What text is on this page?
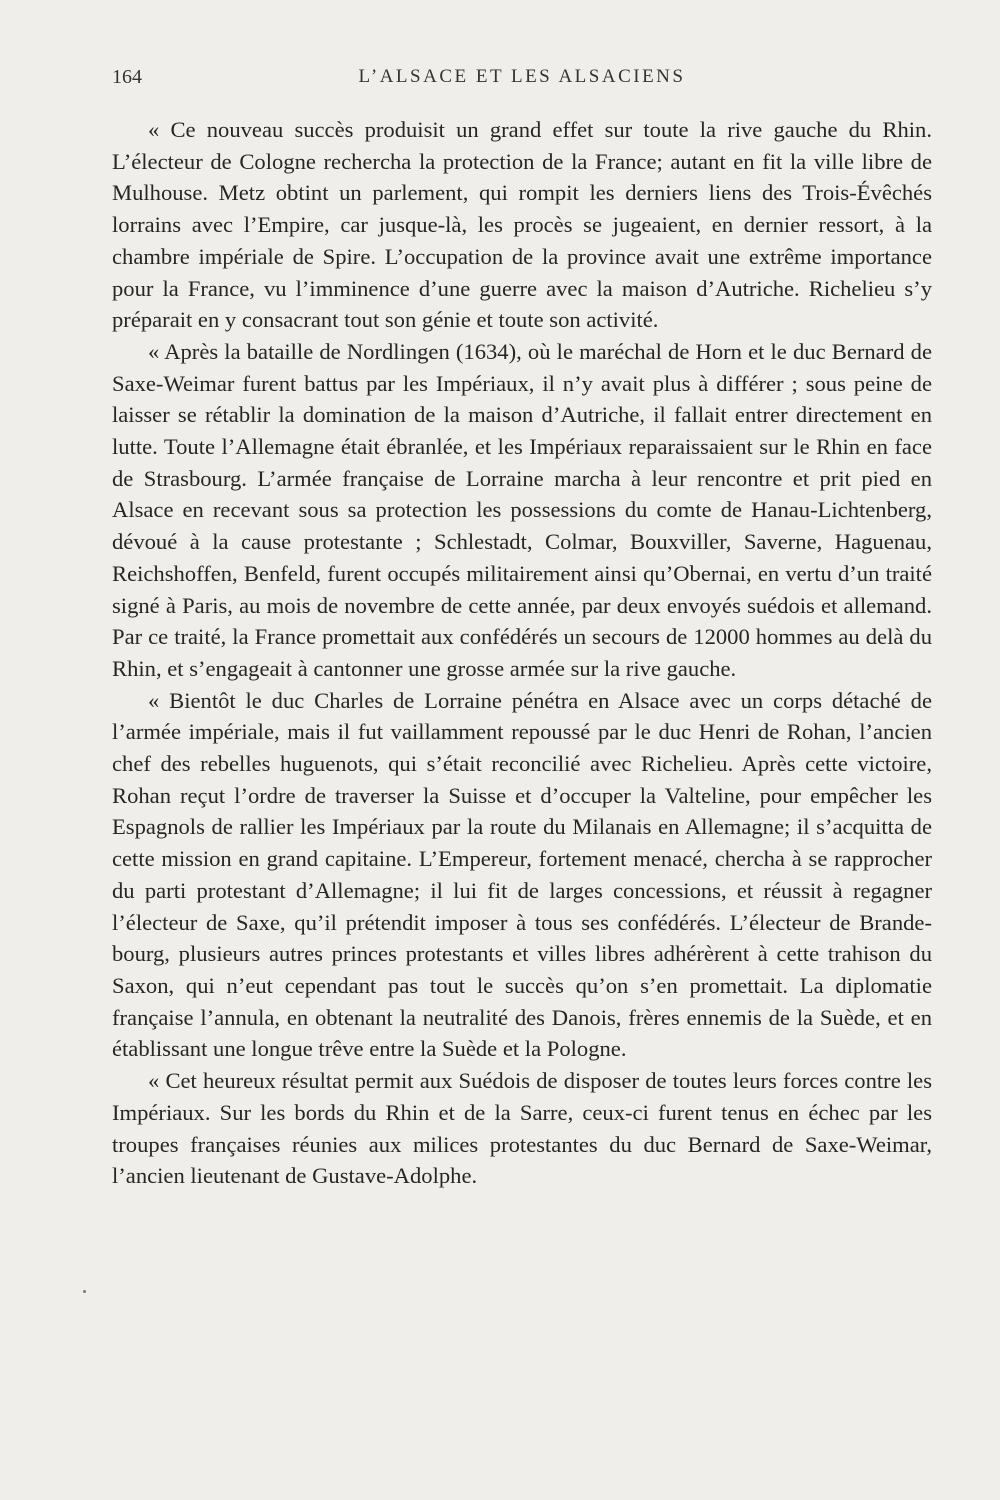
164	L’ALSACE ET LES ALSACIENS

« Ce nouveau succès produisit un grand effet sur toute la rive gauche du Rhin. L’électeur de Cologne rechercha la protection de la France; autant en fit la ville libre de Mulhouse. Metz obtint un parlement, qui rompit les derniers liens des Trois-Évêchés lorrains avec l’Empire, car jusque-là, les procès se jugeaient, en dernier ressort, à la chambre impériale de Spire. L’occupation de la province avait une extrême importance pour la France, vu l’imminence d’une guerre avec la maison d’Autriche. Richelieu s’y préparait en y consacrant tout son génie et toute son activité.

« Après la bataille de Nordlingen (1634), où le maréchal de Horn et le duc Bernard de Saxe-Weimar furent battus par les Impériaux, il n’y avait plus à différer ; sous peine de laisser se rétablir la domination de la maison d’Autriche, il fallait entrer directement en lutte. Toute l’Allemagne était ébranlée, et les Impériaux reparaissaient sur le Rhin en face de Strasbourg. L’armée française de Lorraine marcha à leur rencontre et prit pied en Alsace en recevant sous sa protection les possessions du comte de Hanau-Lichtenberg, dévoué à la cause protestante ; Schlestadt, Colmar, Bouxviller, Saverne, Haguenau, Reichshoffen, Benfeld, furent occupés militairement ainsi qu’Obernai, en vertu d’un traité signé à Paris, au mois de novembre de cette année, par deux envoyés suédois et allemand. Par ce traité, la France promettait aux confédérés un secours de 12000 hommes au delà du Rhin, et s’engageait à cantonner une grosse armée sur la rive gauche.

« Bientôt le duc Charles de Lorraine pénétra en Alsace avec un corps détaché de l’armée impériale, mais il fut vaillamment repoussé par le duc Henri de Rohan, l’ancien chef des rebelles huguenots, qui s’était reconcilié avec Richelieu. Après cette victoire, Rohan reçut l’ordre de traverser la Suisse et d’occuper la Valteline, pour empêcher les Espagnols de rallier les Impériaux par la route du Milanais en Allemagne; il s’acquitta de cette mission en grand capitaine. L’Empereur, fortement menacé, chercha à se rapprocher du parti protestant d’Allemagne; il lui fit de larges concessions, et réussit à regagner l’électeur de Saxe, qu’il prétendit imposer à tous ses confédérés. L’électeur de Brandebourg, plusieurs autres princes protestants et villes libres adhérèrent à cette trahison du Saxon, qui n’eut cependant pas tout le succès qu’on s’en promettait. La diplomatie française l’annula, en obtenant la neutralité des Danois, frères ennemis de la Suède, et en établissant une longue trêve entre la Suède et la Pologne.

« Cet heureux résultat permit aux Suédois de disposer de toutes leurs forces contre les Impériaux. Sur les bords du Rhin et de la Sarre, ceux-ci furent tenus en échec par les troupes françaises réunies aux milices protestantes du duc Bernard de Saxe-Weimar, l’ancien lieutenant de Gustave-Adolphe.
